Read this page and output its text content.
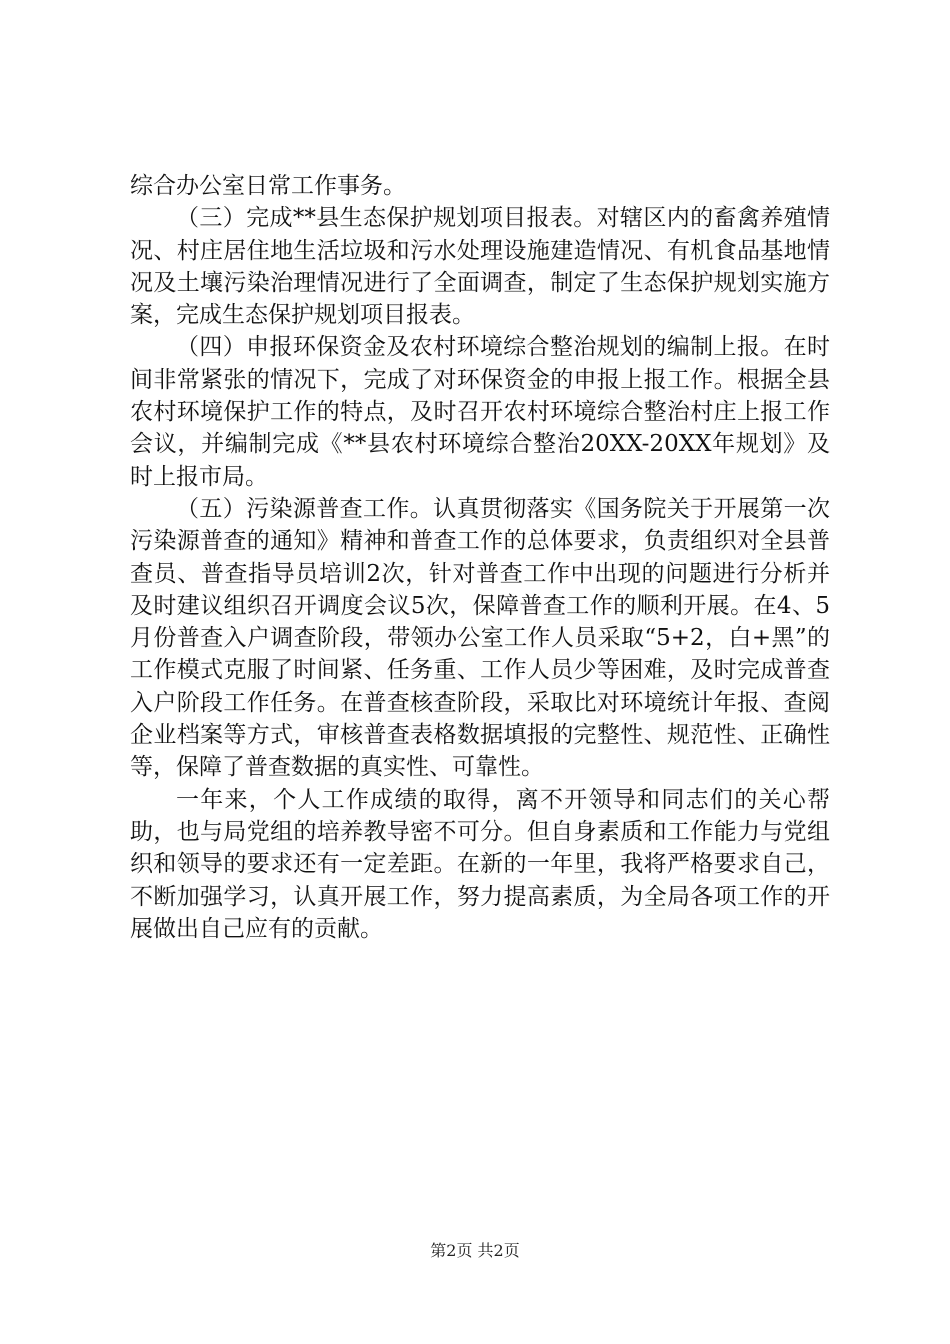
综合办公室日常工作事务。

（三）完成**县生态保护规划项目报表。对辖区内的畜禽养殖情况、村庄居住地生活垃圾和污水处理设施建造情况、有机食品基地情况及土壤污染治理情况进行了全面调查，制定了生态保护规划实施方案，完成生态保护规划项目报表。

（四）申报环保资金及农村环境综合整治规划的编制上报。在时间非常紧张的情况下，完成了对环保资金的申报上报工作。根据全县农村环境保护工作的特点，及时召开农村环境综合整治村庄上报工作会议，并编制完成《**县农村环境综合整治20XX-20XX年规划》及时上报市局。

（五）污染源普查工作。认真贯彻落实《国务院关于开展第一次污染源普查的通知》精神和普查工作的总体要求，负责组织对全县普查员、普查指导员培训2次，针对普查工作中出现的问题进行分析并及时建议组织召开调度会议5次，保障普查工作的顺利开展。在4、5月份普查入户调查阶段，带领办公室工作人员采取“5+2，白+黑”的工作模式克服了时间紧、任务重、工作人员少等困难，及时完成普查入户阶段工作任务。在普查核查阶段，采取比对环境统计年报、查阅企业档案等方式，审核普查表格数据填报的完整性、规范性、正确性等，保障了普查数据的真实性、可靠性。

一年来，个人工作成绩的取得，离不开领导和同志们的关心帮助，也与局党组的培养教导密不可分。但自身素质和工作能力与党组织和领导的要求还有一定差距。在新的一年里，我将严格要求自己，不断加强学习，认真开展工作，努力提高素质，为全局各项工作的开展做出自己应有的贡献。

第2页 共2页
